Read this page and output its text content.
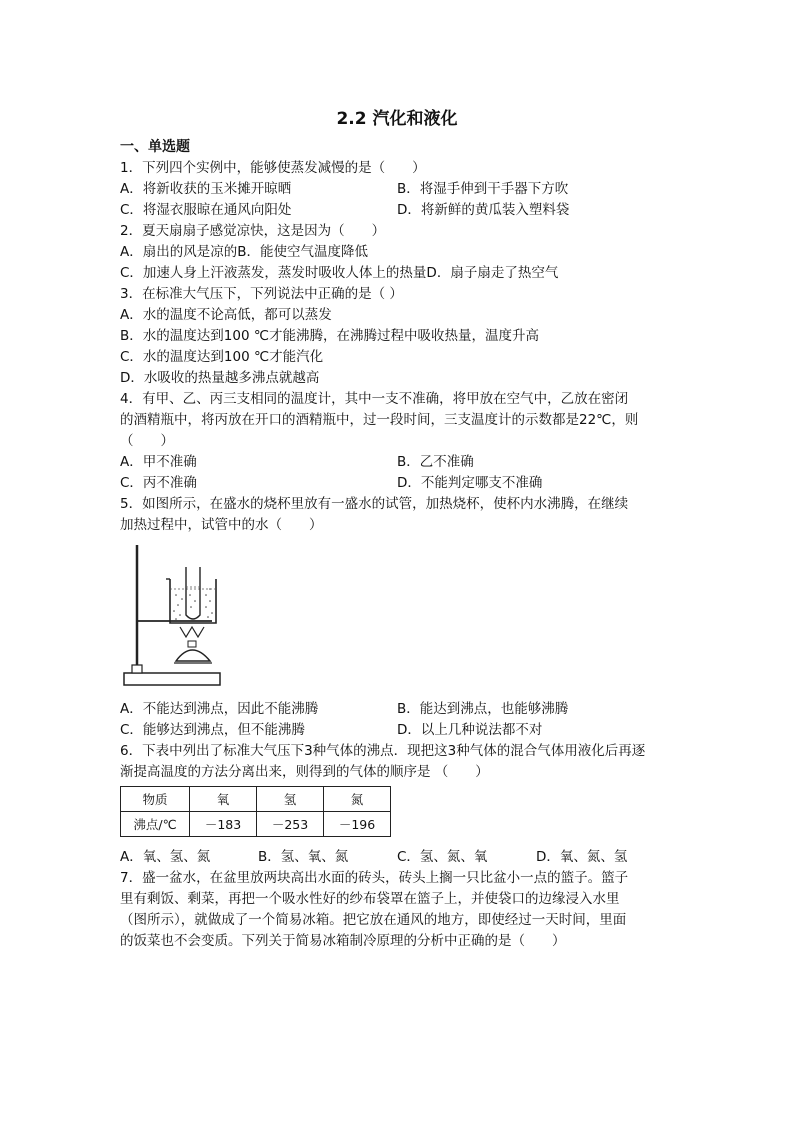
2.2 汽化和液化
一、单选题
1．下列四个实例中，能够使蒸发减慢的是（　　）
A．将新收获的玉米摊开晾晒	B．将湿手伸到干手器下方吹
C．将湿衣服晾在通风向阳处	D．将新鲜的黄瓜装入塑料袋
2．夏天扇扇子感觉凉快，这是因为（　　）
A．扇出的风是凉的B．能使空气温度降低
C．加速人身上汗液蒸发，蒸发时吸收人体上的热量D．扇子扇走了热空气
3．在标准大气压下，下列说法中正确的是（ ）
A．水的温度不论高低，都可以蒸发
B．水的温度达到100 ℃才能沸腾，在沸腾过程中吸收热量，温度升高
C．水的温度达到100 ℃才能汽化
D．水吸收的热量越多沸点就越高
4．有甲、乙、丙三支相同的温度计，其中一支不准确，将甲放在空气中，乙放在密闭
的酒精瓶中，将丙放在开口的酒精瓶中，过一段时间，三支温度计的示数都是22℃，则
（　　）
A．甲不准确	B．乙不准确
C．丙不准确	D．不能判定哪支不准确
5．如图所示，在盛水的烧杯里放有一盛水的试管，加热烧杯，使杯内水沸腾，在继续
加热过程中，试管中的水（　　）
A．不能达到沸点，因此不能沸腾	B．能达到沸点，也能够沸腾
C．能够达到沸点，但不能沸腾	D．以上几种说法都不对
6．下表中列出了标准大气压下3种气体的沸点．现把这3种气体的混合气体用液化后再逐
渐提高温度的方法分离出来，则得到的气体的顺序是 （　　）
物质	氧	氢	氮
沸点/℃	－183	－253	－196
A．氧、氢、氮	B．氢、氧、氮	C．氢、氮、氧	D．氧、氮、氢
7．盛一盆水，在盆里放两块高出水面的砖头，砖头上搁一只比盆小一点的篮子。篮子
里有剩饭、剩菜，再把一个吸水性好的纱布袋罩在篮子上，并使袋口的边缘浸入水里
（图所示），就做成了一个简易冰箱。把它放在通风的地方，即使经过一天时间，里面
的饭菜也不会变质。下列关于简易冰箱制冷原理的分析中正确的是（　　）
